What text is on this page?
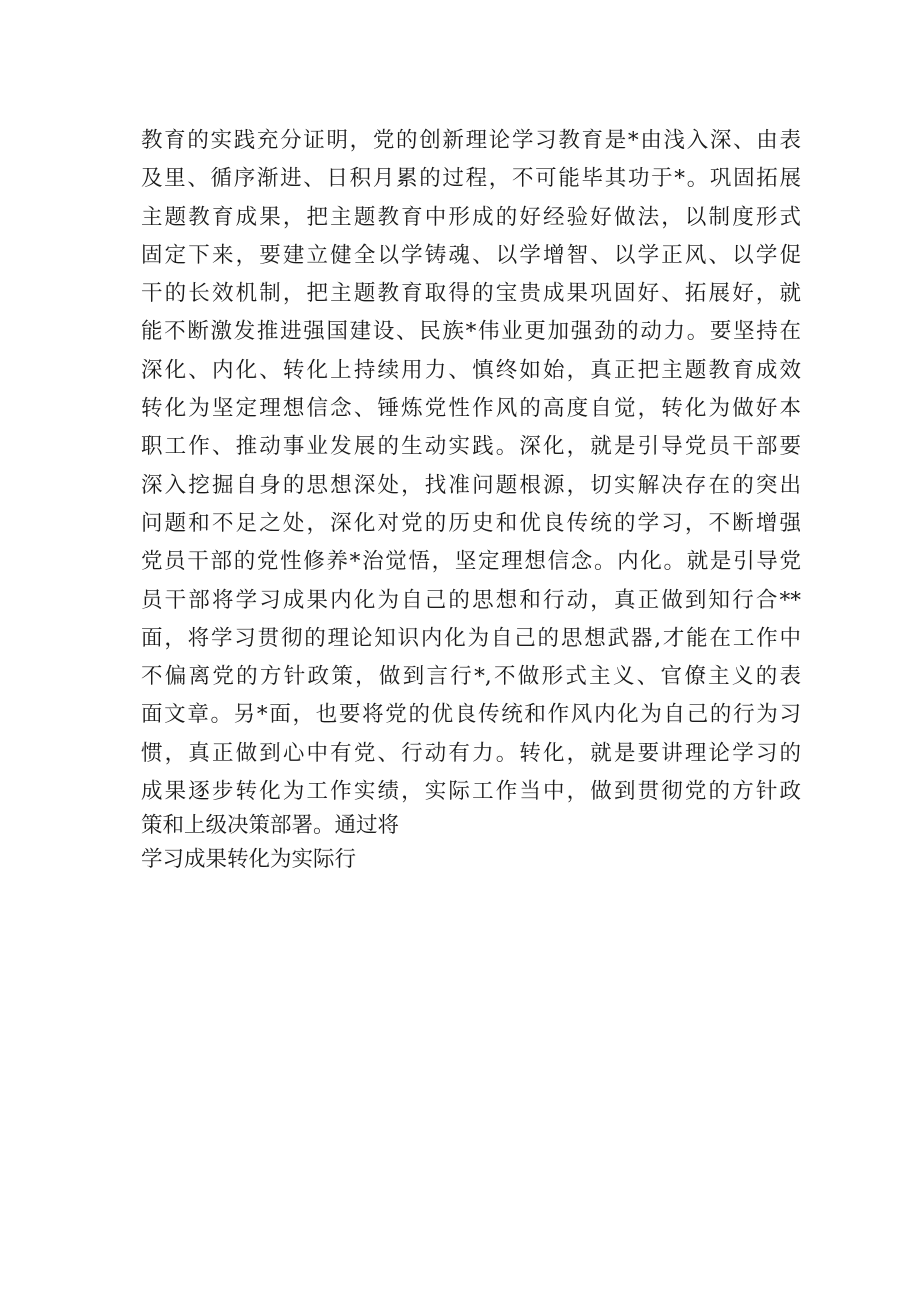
教育的实践充分证明，党的创新理论学习教育是*由浅入深、由表
及里、循序渐进、日积月累的过程，不可能毕其功于*。巩固拓展
主题教育成果，把主题教育中形成的好经验好做法，以制度形式
固定下来，要建立健全以学铸魂、以学增智、以学正风、以学促
干的长效机制，把主题教育取得的宝贵成果巩固好、拓展好，就
能不断激发推进强国建设、民族*伟业更加强劲的动力。要坚持在
深化、内化、转化上持续用力、慎终如始，真正把主题教育成效
转化为坚定理想信念、锤炼党性作风的高度自觉，转化为做好本
职工作、推动事业发展的生动实践。深化，就是引导党员干部要
深入挖掘自身的思想深处，找准问题根源，切实解决存在的突出
问题和不足之处，深化对党的历史和优良传统的学习，不断增强
党员干部的党性修养*治觉悟，坚定理想信念。内化。就是引导党
员干部将学习成果内化为自己的思想和行动，真正做到知行合**
面，将学习贯彻的理论知识内化为自己的思想武器,才能在工作中
不偏离党的方针政策，做到言行*,不做形式主义、官僚主义的表
面文章。另*面，也要将党的优良传统和作风内化为自己的行为习
惯，真正做到心中有党、行动有力。转化，就是要讲理论学习的
成果逐步转化为工作实绩，实际工作当中，做到贯彻党的方针政
策和上级决策部署。通过将
学习成果转化为实际行
